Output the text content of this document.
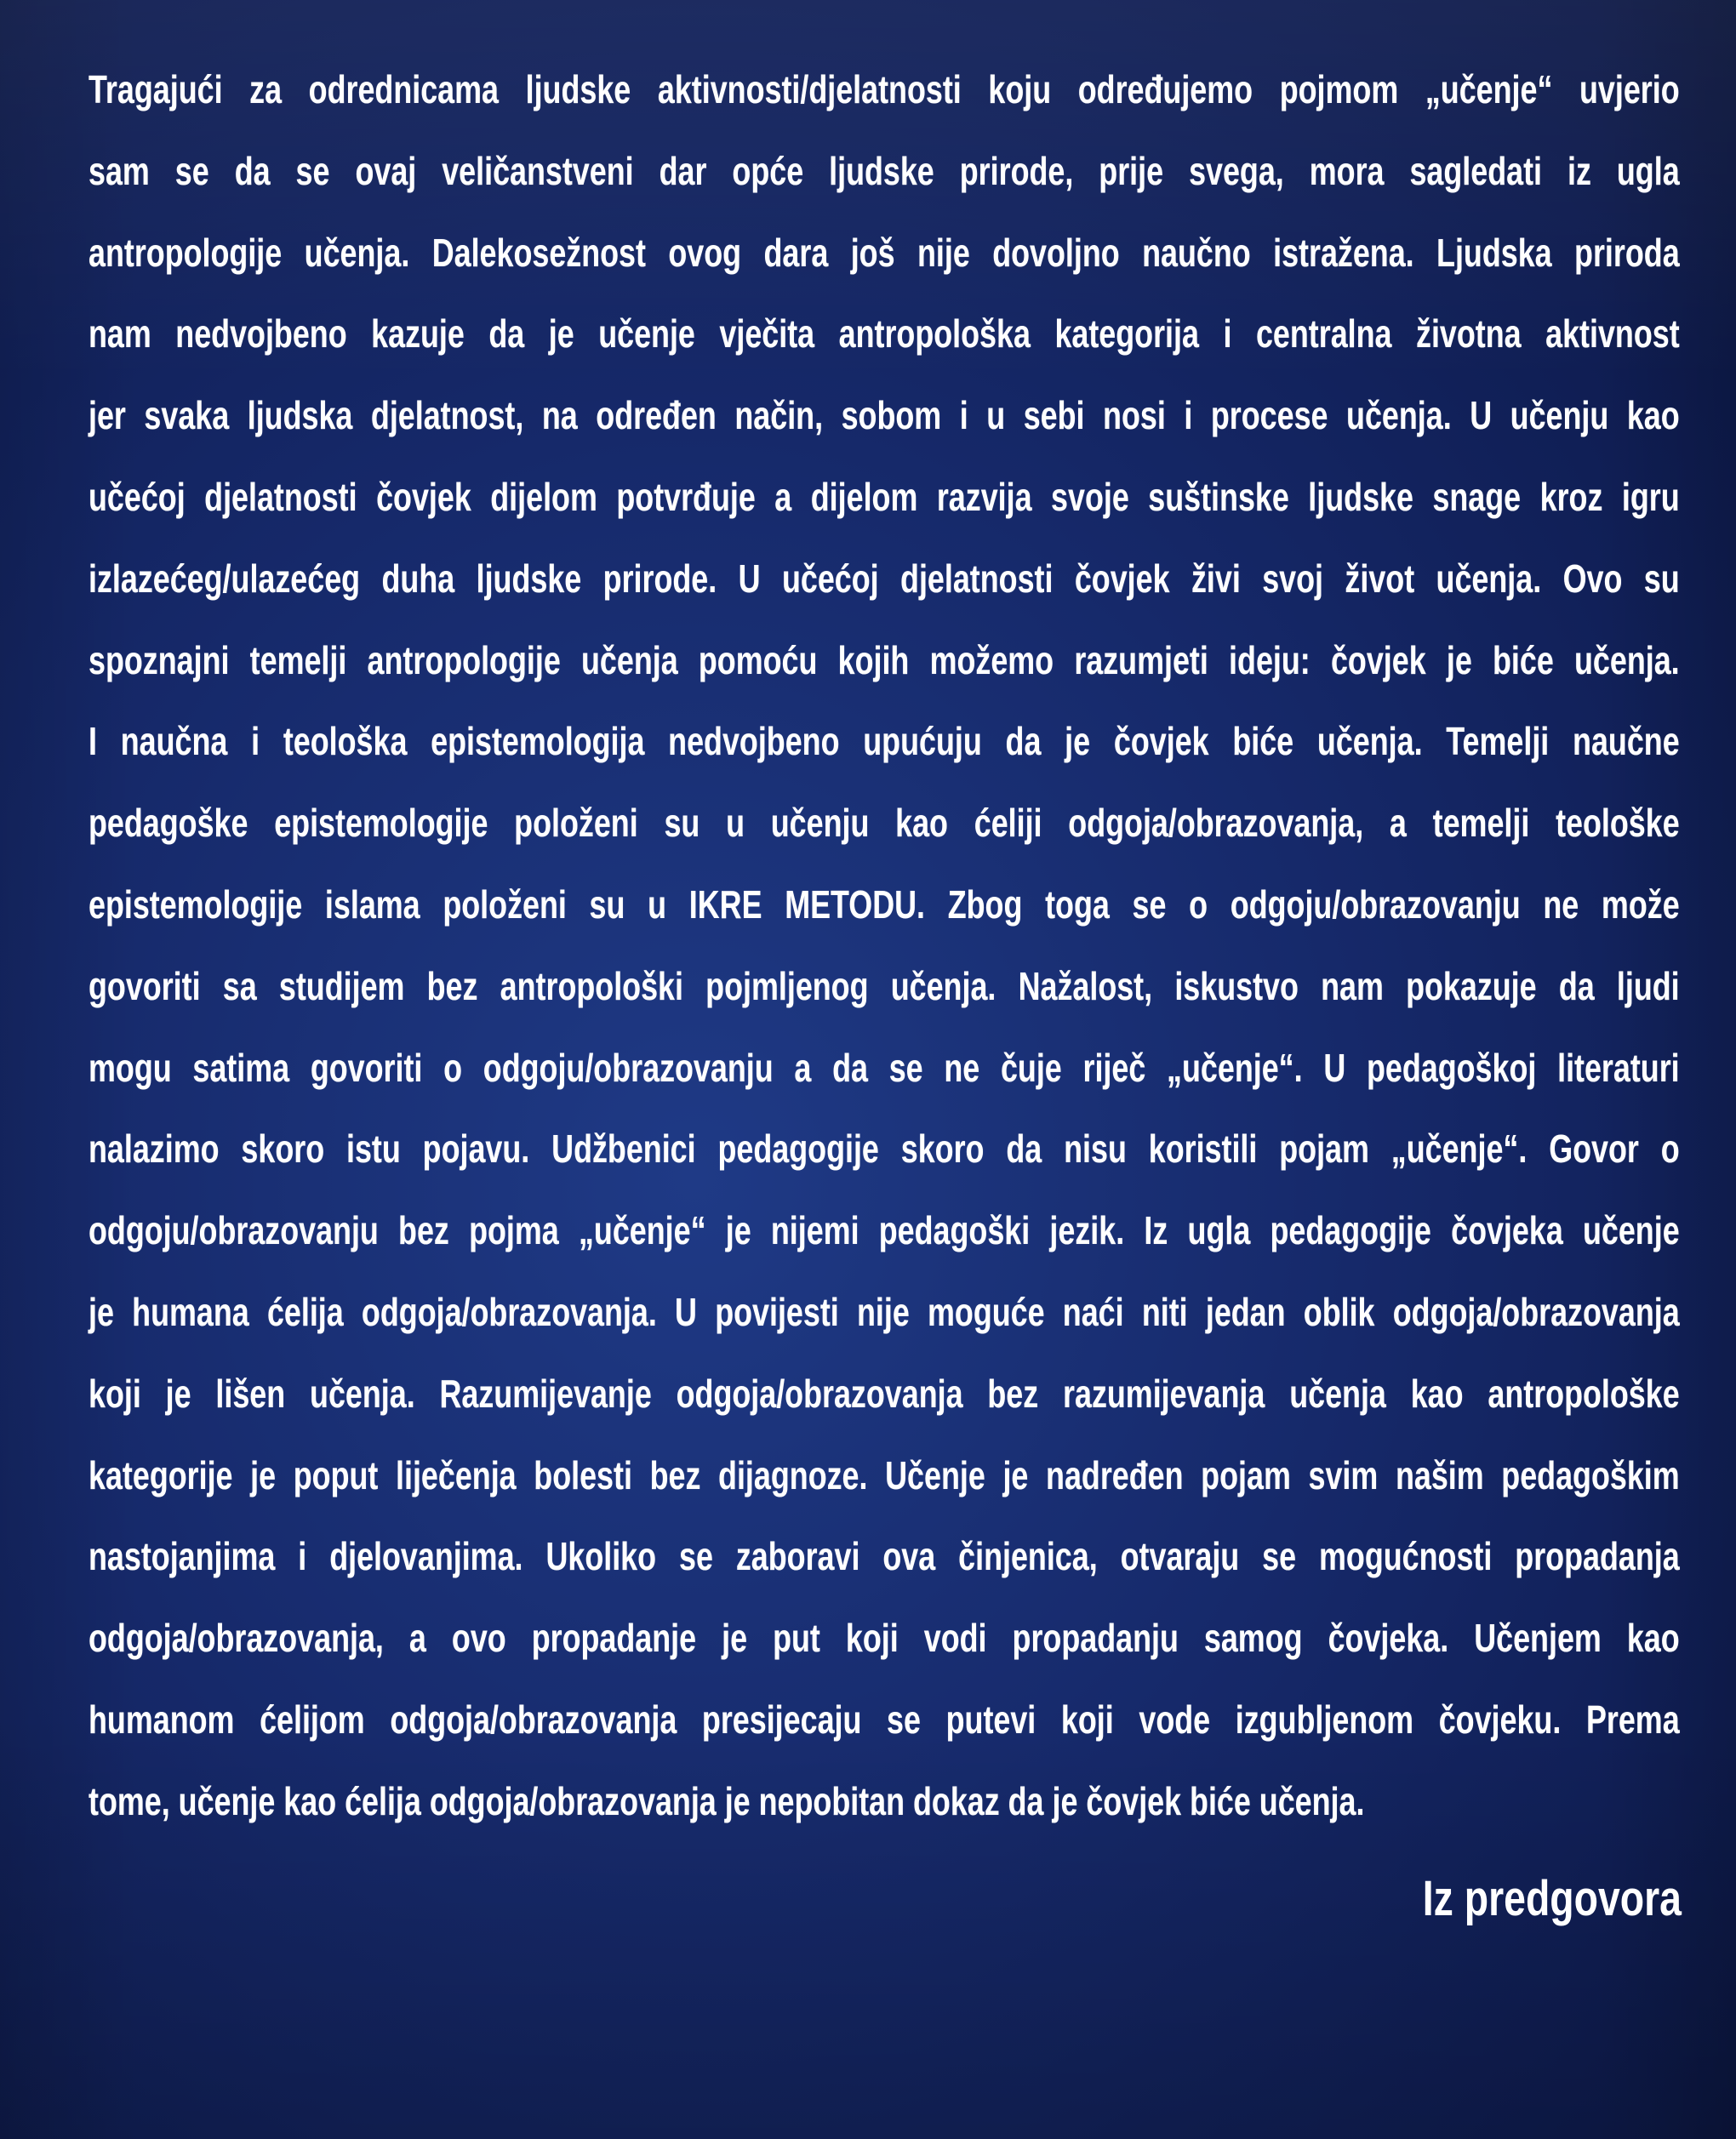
Tragajući za odrednicama ljudske aktivnosti/djelatnosti koju određujemo pojmom „učenje“ uvjerio
sam se da se ovaj veličanstveni dar opće ljudske prirode, prije svega, mora sagledati iz ugla
antropologije učenja. Dalekosežnost ovog dara još nije dovoljno naučno istražena. Ljudska priroda
nam nedvojbeno kazuje da je učenje vječita antropološka kategorija i centralna životna aktivnost
jer svaka ljudska djelatnost, na određen način, sobom i u sebi nosi i procese učenja. U učenju kao
učećoj djelatnosti čovjek dijelom potvrđuje a dijelom razvija svoje suštinske ljudske snage kroz igru
izlazećeg/ulazećeg duha ljudske prirode. U učećoj djelatnosti čovjek živi svoj život učenja. Ovo su
spoznajni temelji antropologije učenja pomoću kojih možemo razumjeti ideju: čovjek je biće učenja.
I naučna i teološka epistemologija nedvojbeno upućuju da je čovjek biće učenja. Temelji naučne
pedagoške epistemologije položeni su u učenju kao ćeliji odgoja/obrazovanja, a temelji teološke
epistemologije islama položeni su u IKRE METODU. Zbog toga se o odgoju/obrazovanju ne može
govoriti sa studijem bez antropološki pojmljenog učenja. Nažalost, iskustvo nam pokazuje da ljudi
mogu satima govoriti o odgoju/obrazovanju a da se ne čuje riječ „učenje“. U pedagoškoj literaturi
nalazimo skoro istu pojavu. Udžbenici pedagogije skoro da nisu koristili pojam „učenje“. Govor o
odgoju/obrazovanju bez pojma „učenje“ je nijemi pedagoški jezik. Iz ugla pedagogije čovjeka učenje
je humana ćelija odgoja/obrazovanja. U povijesti nije moguće naći niti jedan oblik odgoja/obrazovanja
koji je lišen učenja. Razumijevanje odgoja/obrazovanja bez razumijevanja učenja kao antropološke
kategorije je poput liječenja bolesti bez dijagnoze. Učenje je nadređen pojam svim našim pedagoškim
nastojanjima i djelovanjima. Ukoliko se zaboravi ova činjenica, otvaraju se mogućnosti propadanja
odgoja/obrazovanja, a ovo propadanje je put koji vodi propadanju samog čovjeka. Učenjem kao
humanom ćelijom odgoja/obrazovanja presijecaju se putevi koji vode izgubljenom čovjeku. Prema
tome, učenje kao ćelija odgoja/obrazovanja je nepobitan dokaz da je čovjek biće učenja.
Iz predgovora
